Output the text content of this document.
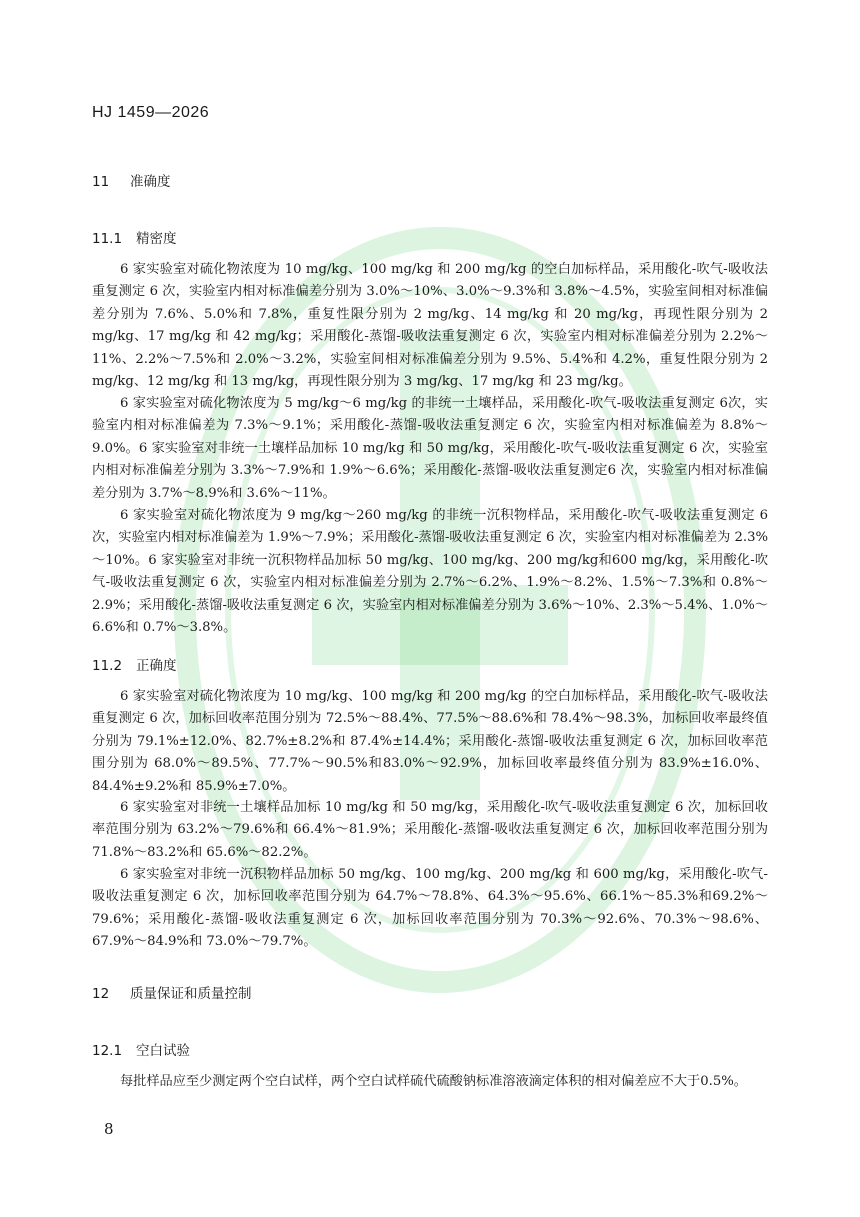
HJ 1459—2026
11 准确度
11.1 精密度

6 家实验室对硫化物浓度为 10 mg/kg、100 mg/kg 和 200 mg/kg 的空白加标样品，采用酸化-吹气-吸收法重复测定 6 次，实验室内相对标准偏差分别为 3.0%～10%、3.0%～9.3%和 3.8%～4.5%，实验室间相对标准偏差分别为 7.6%、5.0%和 7.8%，重复性限分别为 2 mg/kg、14 mg/kg 和 20 mg/kg，再现性限分别为 2 mg/kg、17 mg/kg 和 42 mg/kg；采用酸化-蒸馏-吸收法重复测定 6 次，实验室内相对标准偏差分别为 2.2%～11%、2.2%～7.5%和 2.0%～3.2%，实验室间相对标准偏差分别为 9.5%、5.4%和 4.2%，重复性限分别为 2 mg/kg、12 mg/kg 和 13 mg/kg，再现性限分别为 3 mg/kg、17 mg/kg 和 23 mg/kg。

6 家实验室对硫化物浓度为 5 mg/kg～6 mg/kg 的非统一土壤样品，采用酸化-吹气-吸收法重复测定 6次，实验室内相对标准偏差为 7.3%～9.1%；采用酸化-蒸馏-吸收法重复测定 6 次，实验室内相对标准偏差为 8.8%～9.0%。6 家实验室对非统一土壤样品加标 10 mg/kg 和 50 mg/kg，采用酸化-吹气-吸收法重复测定 6 次，实验室内相对标准偏差分别为 3.3%～7.9%和 1.9%～6.6%；采用酸化-蒸馏-吸收法重复测定6 次，实验室内相对标准偏差分别为 3.7%～8.9%和 3.6%～11%。

6 家实验室对硫化物浓度为 9 mg/kg～260 mg/kg 的非统一沉积物样品，采用酸化-吹气-吸收法重复测定 6 次，实验室内相对标准偏差为 1.9%～7.9%；采用酸化-蒸馏-吸收法重复测定 6 次，实验室内相对标准偏差为 2.3%～10%。6 家实验室对非统一沉积物样品加标 50 mg/kg、100 mg/kg、200 mg/kg和600 mg/kg，采用酸化-吹气-吸收法重复测定 6 次，实验室内相对标准偏差分别为 2.7%～6.2%、1.9%～8.2%、1.5%～7.3%和 0.8%～2.9%；采用酸化-蒸馏-吸收法重复测定 6 次，实验室内相对标准偏差分别为 3.6%～10%、2.3%～5.4%、1.0%～6.6%和 0.7%～3.8%。

11.2 正确度

6 家实验室对硫化物浓度为 10 mg/kg、100 mg/kg 和 200 mg/kg 的空白加标样品，采用酸化-吹气-吸收法重复测定 6 次，加标回收率范围分别为 72.5%～88.4%、77.5%～88.6%和 78.4%～98.3%，加标回收率最终值分别为 79.1%±12.0%、82.7%±8.2%和 87.4%±14.4%；采用酸化-蒸馏-吸收法重复测定 6 次，加标回收率范围分别为 68.0%～89.5%、77.7%～90.5%和83.0%～92.9%，加标回收率最终值分别为 83.9%±16.0%、84.4%±9.2%和 85.9%±7.0%。

6 家实验室对非统一土壤样品加标 10 mg/kg 和 50 mg/kg，采用酸化-吹气-吸收法重复测定 6 次，加标回收率范围分别为 63.2%～79.6%和 66.4%～81.9%；采用酸化-蒸馏-吸收法重复测定 6 次，加标回收率范围分别为 71.8%～83.2%和 65.6%～82.2%。

6 家实验室对非统一沉积物样品加标 50 mg/kg、100 mg/kg、200 mg/kg 和 600 mg/kg，采用酸化-吹气-吸收法重复测定 6 次，加标回收率范围分别为 64.7%～78.8%、64.3%～95.6%、66.1%～85.3%和69.2%～79.6%；采用酸化-蒸馏-吸收法重复测定 6 次，加标回收率范围分别为 70.3%～92.6%、70.3%～98.6%、67.9%～84.9%和 73.0%～79.7%。

12 质量保证和质量控制
12.1 空白试验

每批样品应至少测定两个空白试样，两个空白试样硫代硫酸钠标准溶液滴定体积的相对偏差应不大于0.5%。

8
